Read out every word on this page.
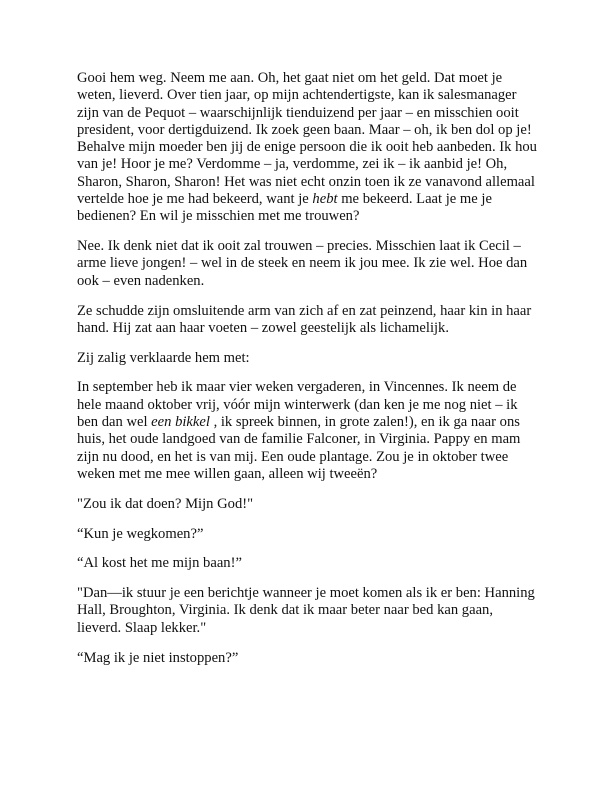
Gooi hem weg. Neem me aan. Oh, het gaat niet om het geld. Dat moet je weten, lieverd. Over tien jaar, op mijn achtendertigste, kan ik salesmanager zijn van de Pequot – waarschijnlijk tienduizend per jaar – en misschien ooit president, voor dertigduizend. Ik zoek geen baan. Maar – oh, ik ben dol op je! Behalve mijn moeder ben jij de enige persoon die ik ooit heb aanbeden. Ik hou van je! Hoor je me? Verdomme – ja, verdomme, zei ik – ik aanbid je! Oh, Sharon, Sharon, Sharon! Het was niet echt onzin toen ik ze vanavond allemaal vertelde hoe je me had bekeerd, want je hebt me bekeerd. Laat je me je bedienen? En wil je misschien met me trouwen?

Nee. Ik denk niet dat ik ooit zal trouwen – precies. Misschien laat ik Cecil – arme lieve jongen! – wel in de steek en neem ik jou mee. Ik zie wel. Hoe dan ook – even nadenken.

Ze schudde zijn omsluitende arm van zich af en zat peinzend, haar kin in haar hand. Hij zat aan haar voeten – zowel geestelijk als lichamelijk.

Zij zalig verklaarde hem met:

In september heb ik maar vier weken vergaderen, in Vincennes. Ik neem de hele maand oktober vrij, vóór mijn winterwerk (dan ken je me nog niet – ik ben dan wel een bikkel , ik spreek binnen, in grote zalen!), en ik ga naar ons huis, het oude landgoed van de familie Falconer, in Virginia. Pappy en mam zijn nu dood, en het is van mij. Een oude plantage. Zou je in oktober twee weken met me mee willen gaan, alleen wij tweeën?

"Zou ik dat doen? Mijn God!"

“Kun je wegkomen?”

“Al kost het me mijn baan!”

"Dan—ik stuur je een berichtje wanneer je moet komen als ik er ben: Hanning Hall, Broughton, Virginia. Ik denk dat ik maar beter naar bed kan gaan, lieverd. Slaap lekker."

“Mag ik je niet instoppen?”
